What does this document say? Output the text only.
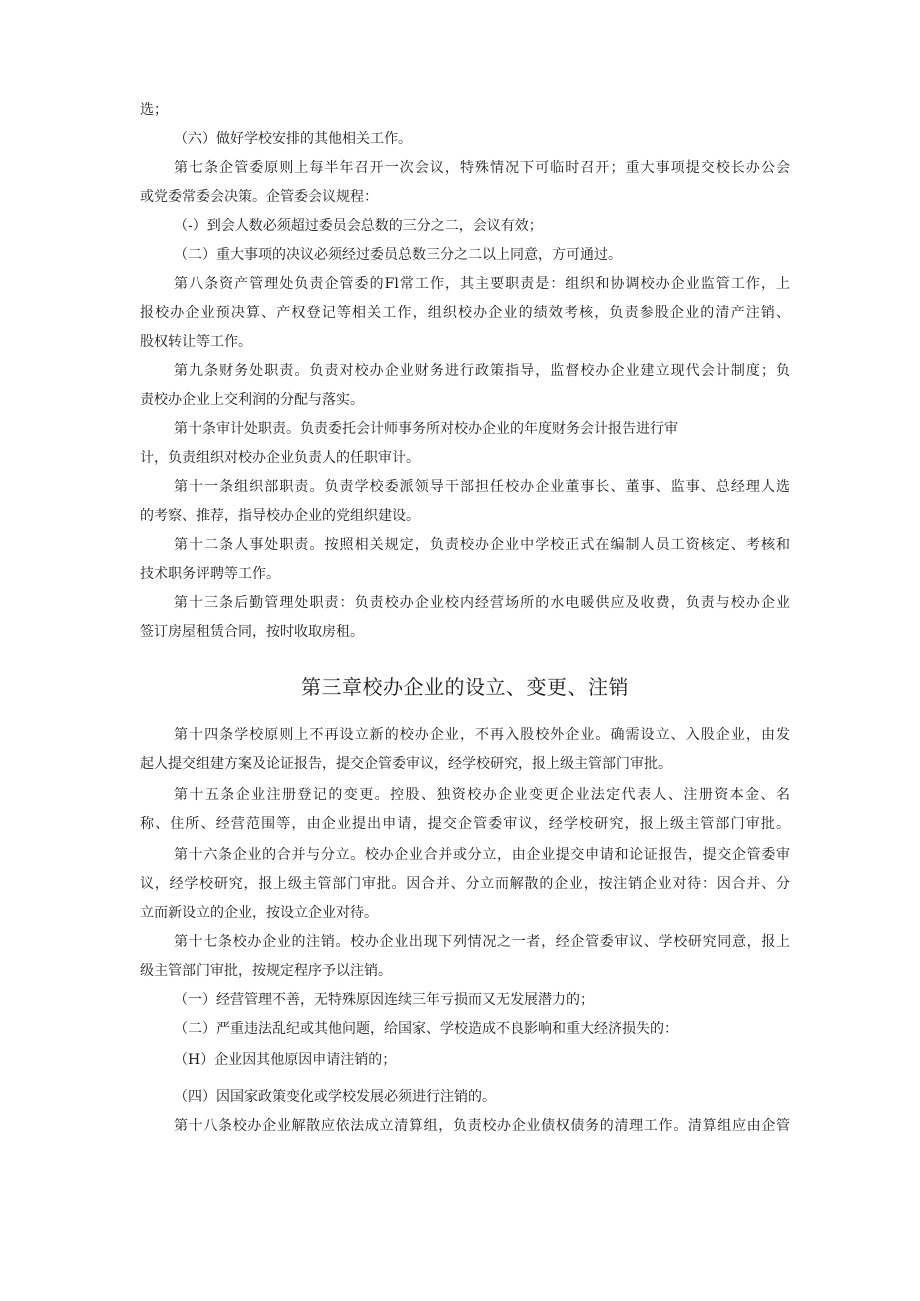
选；
（六）做好学校安排的其他相关工作。
第七条企管委原则上每半年召开一次会议，特殊情况下可临时召开；重大事项提交校长办公会
或党委常委会决策。企管委会议规程：
（-）到会人数必须超过委员会总数的三分之二，会议有效；
（二）重大事项的决议必须经过委员总数三分之二以上同意，方可通过。
第八条资产管理处负责企管委的Fl常工作，其主要职责是：组织和协调校办企业监管工作，上
报校办企业预决算、产权登记等相关工作，组织校办企业的绩效考核，负责参股企业的清产注销、
股权转让等工作。
第九条财务处职责。负责对校办企业财务进行政策指导，监督校办企业建立现代会计制度；负
责校办企业上交利润的分配与落实。
第十条审计处职责。负责委托会计师事务所对校办企业的年度财务会计报告进行审
计，负责组织对校办企业负责人的任职审计。
第十一条组织部职责。负责学校委派领导干部担任校办企业董事长、董事、监事、总经理人选
的考察、推荐，指导校办企业的党组织建设。
第十二条人事处职责。按照相关规定，负责校办企业中学校正式在编制人员工资核定、考核和
技术职务评聘等工作。
第十三条后勤管理处职责：负责校办企业校内经营场所的水电暖供应及收费，负责与校办企业
签订房屋租赁合同，按时收取房租。
第三章校办企业的设立、变更、注销
第十四条学校原则上不再设立新的校办企业，不再入股校外企业。确需设立、入股企业，由发
起人提交组建方案及论证报告，提交企管委审议，经学校研究，报上级主管部门审批。
第十五条企业注册登记的变更。控股、独资校办企业变更企业法定代表人、注册资本金、名
称、住所、经营范围等，由企业提出申请，提交企管委审议，经学校研究，报上级主管部门审批。
第十六条企业的合并与分立。校办企业合并或分立，由企业提交申请和论证报告，提交企管委审
议，经学校研究，报上级主管部门审批。因合并、分立而解散的企业，按注销企业对待：因合并、分
立而新设立的企业，按设立企业对待。
第十七条校办企业的注销。校办企业出现下列情况之一者，经企管委审议、学校研究同意，报上
级主管部门审批，按规定程序予以注销。
（一）经营管理不善，无特殊原因连续三年亏损而又无发展潜力的；
（二）严重违法乱纪或其他问题，给国家、学校造成不良影响和重大经济损失的：
（H）企业因其他原因申请注销的；
（四）因国家政策变化或学校发展必须进行注销的。
第十八条校办企业解散应依法成立清算组，负责校办企业债权债务的清理工作。清算组应由企管
